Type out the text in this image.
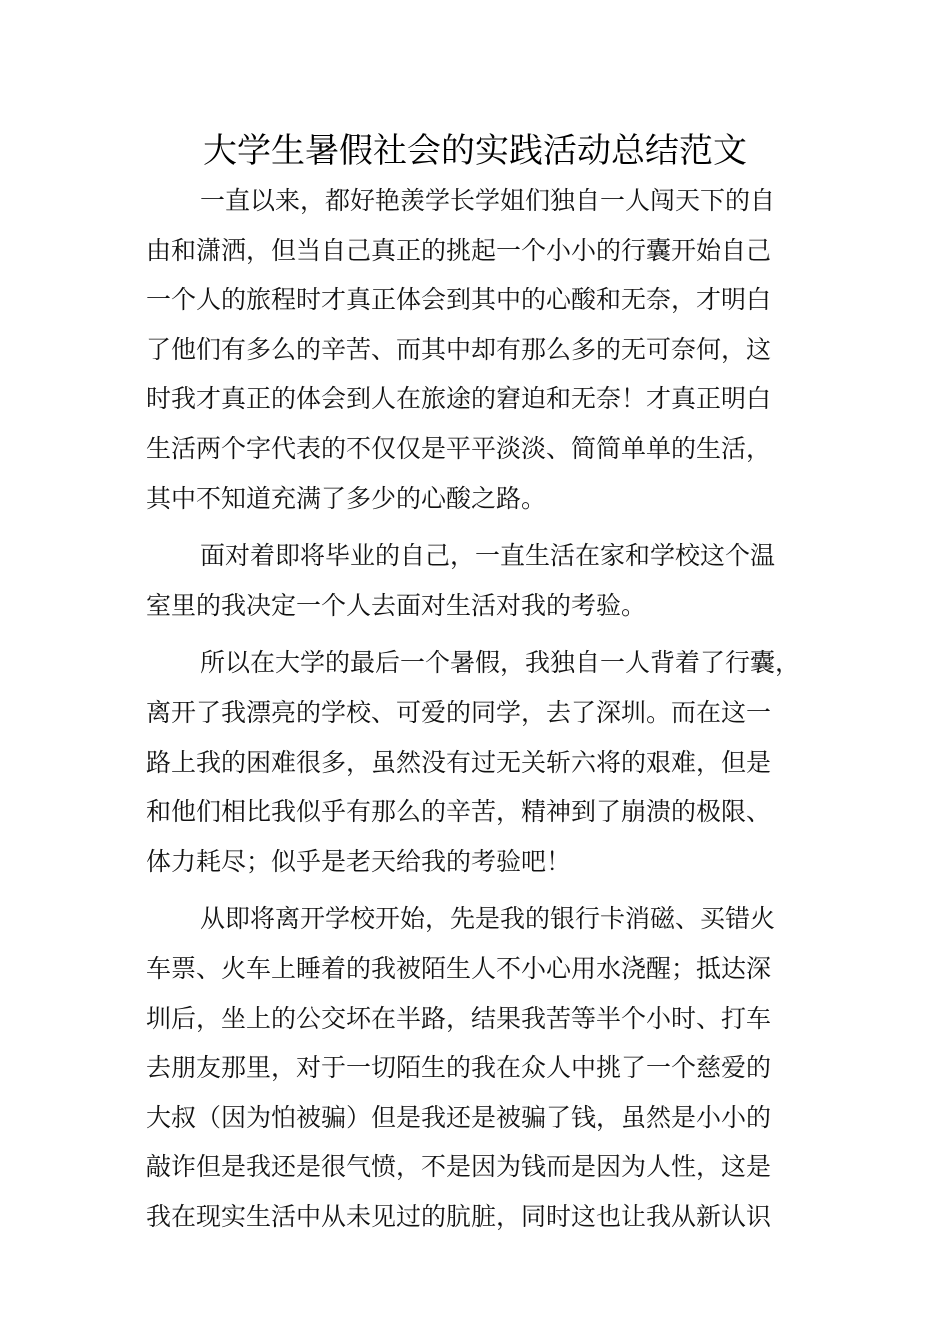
大学生暑假社会的实践活动总结范文
一直以来，都好艳羡学长学姐们独自一人闯天下的自
由和潇洒，但当自己真正的挑起一个小小的行囊开始自己
一个人的旅程时才真正体会到其中的心酸和无奈，才明白
了他们有多么的辛苦、而其中却有那么多的无可奈何，这
时我才真正的体会到人在旅途的窘迫和无奈！才真正明白
生活两个字代表的不仅仅是平平淡淡、简简单单的生活，
其中不知道充满了多少的心酸之路。
面对着即将毕业的自己，一直生活在家和学校这个温
室里的我决定一个人去面对生活对我的考验。
所以在大学的最后一个暑假，我独自一人背着了行囊，
离开了我漂亮的学校、可爱的同学，去了深圳。而在这一
路上我的困难很多，虽然没有过无关斩六将的艰难，但是
和他们相比我似乎有那么的辛苦，精神到了崩溃的极限、
体力耗尽；似乎是老天给我的考验吧！
从即将离开学校开始，先是我的银行卡消磁、买错火
车票、火车上睡着的我被陌生人不小心用水浇醒；抵达深
圳后，坐上的公交坏在半路，结果我苦等半个小时、打车
去朋友那里，对于一切陌生的我在众人中挑了一个慈爱的
大叔（因为怕被骗）但是我还是被骗了钱，虽然是小小的
敲诈但是我还是很气愤，不是因为钱而是因为人性，这是
我在现实生活中从未见过的肮脏，同时这也让我从新认识
